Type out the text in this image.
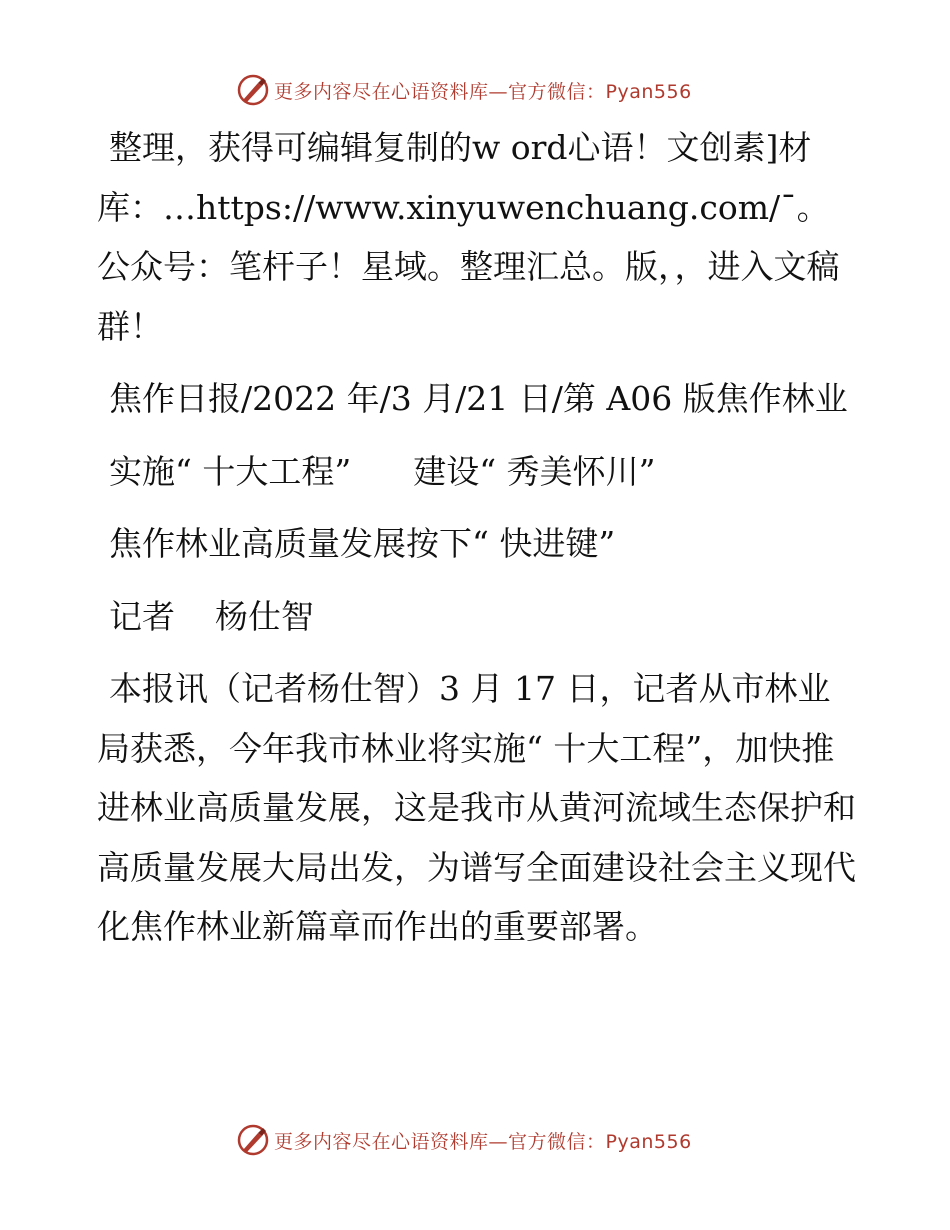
更多内容尽在心语资料库—官方微信：Pyan556

整理，获得可编辑复制的w ord心语！文创素]材库：…https://www.xinyuwenchuang.com/¯。公众号：笔杆子！星域。整理汇总。版，，进入文稿群！

焦作日报/2022 年/3 月/21 日/第 A06 版焦作林业

实施“ 十大工程” 建设“ 秀美怀川”

焦作林业高质量发展按下“ 快进键”

记者 杨仕智

本报讯（记者杨仕智）3 月 17 日，记者从市林业局获悉，今年我市林业将实施“ 十大工程”，加快推进林业高质量发展，这是我市从黄河流域生态保护和高质量发展大局出发，为谱写全面建设社会主义现代化焦作林业新篇章而作出的重要部署。

更多内容尽在心语资料库—官方微信：Pyan556
